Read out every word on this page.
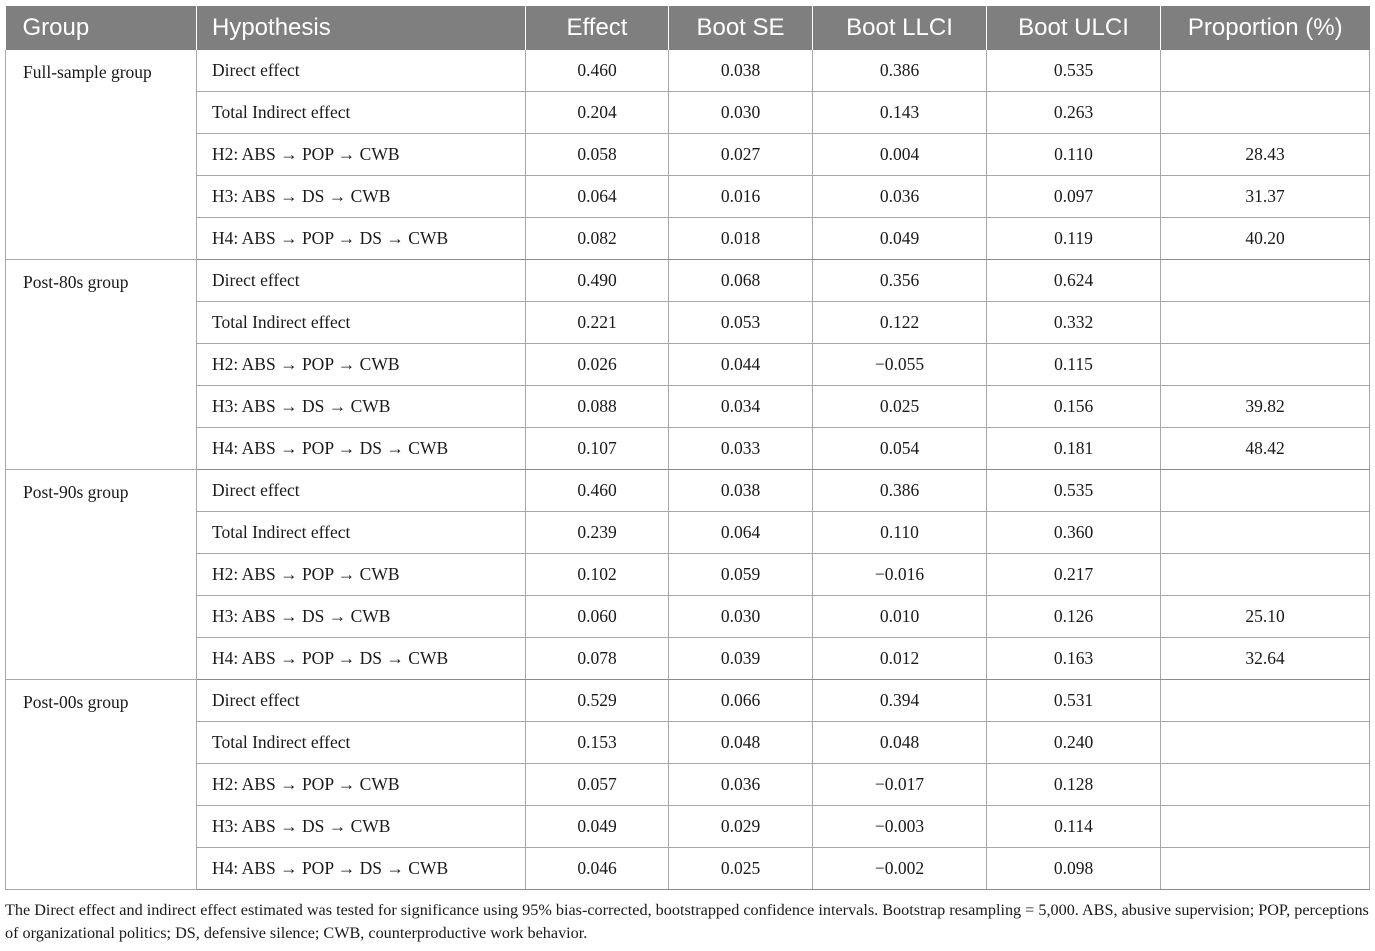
Group	Hypothesis	Effect	Boot SE	Boot LLCI	Boot ULCI	Proportion (%)
Full-sample group	Direct effect	0.460	0.038	0.386	0.535	
	Total Indirect effect	0.204	0.030	0.143	0.263	
	H2: ABS → POP → CWB	0.058	0.027	0.004	0.110	28.43
	H3: ABS → DS → CWB	0.064	0.016	0.036	0.097	31.37
	H4: ABS → POP → DS → CWB	0.082	0.018	0.049	0.119	40.20
Post-80s group	Direct effect	0.490	0.068	0.356	0.624	
	Total Indirect effect	0.221	0.053	0.122	0.332	
	H2: ABS → POP → CWB	0.026	0.044	−0.055	0.115	
	H3: ABS → DS → CWB	0.088	0.034	0.025	0.156	39.82
	H4: ABS → POP → DS → CWB	0.107	0.033	0.054	0.181	48.42
Post-90s group	Direct effect	0.460	0.038	0.386	0.535	
	Total Indirect effect	0.239	0.064	0.110	0.360	
	H2: ABS → POP → CWB	0.102	0.059	−0.016	0.217	
	H3: ABS → DS → CWB	0.060	0.030	0.010	0.126	25.10
	H4: ABS → POP → DS → CWB	0.078	0.039	0.012	0.163	32.64
Post-00s group	Direct effect	0.529	0.066	0.394	0.531	
	Total Indirect effect	0.153	0.048	0.048	0.240	
	H2: ABS → POP → CWB	0.057	0.036	−0.017	0.128	
	H3: ABS → DS → CWB	0.049	0.029	−0.003	0.114	
	H4: ABS → POP → DS → CWB	0.046	0.025	−0.002	0.098	
The Direct effect and indirect effect estimated was tested for significance using 95% bias-corrected, bootstrapped confidence intervals. Bootstrap resampling = 5,000. ABS, abusive supervision; POP, perceptions of organizational politics; DS, defensive silence; CWB, counterproductive work behavior.
